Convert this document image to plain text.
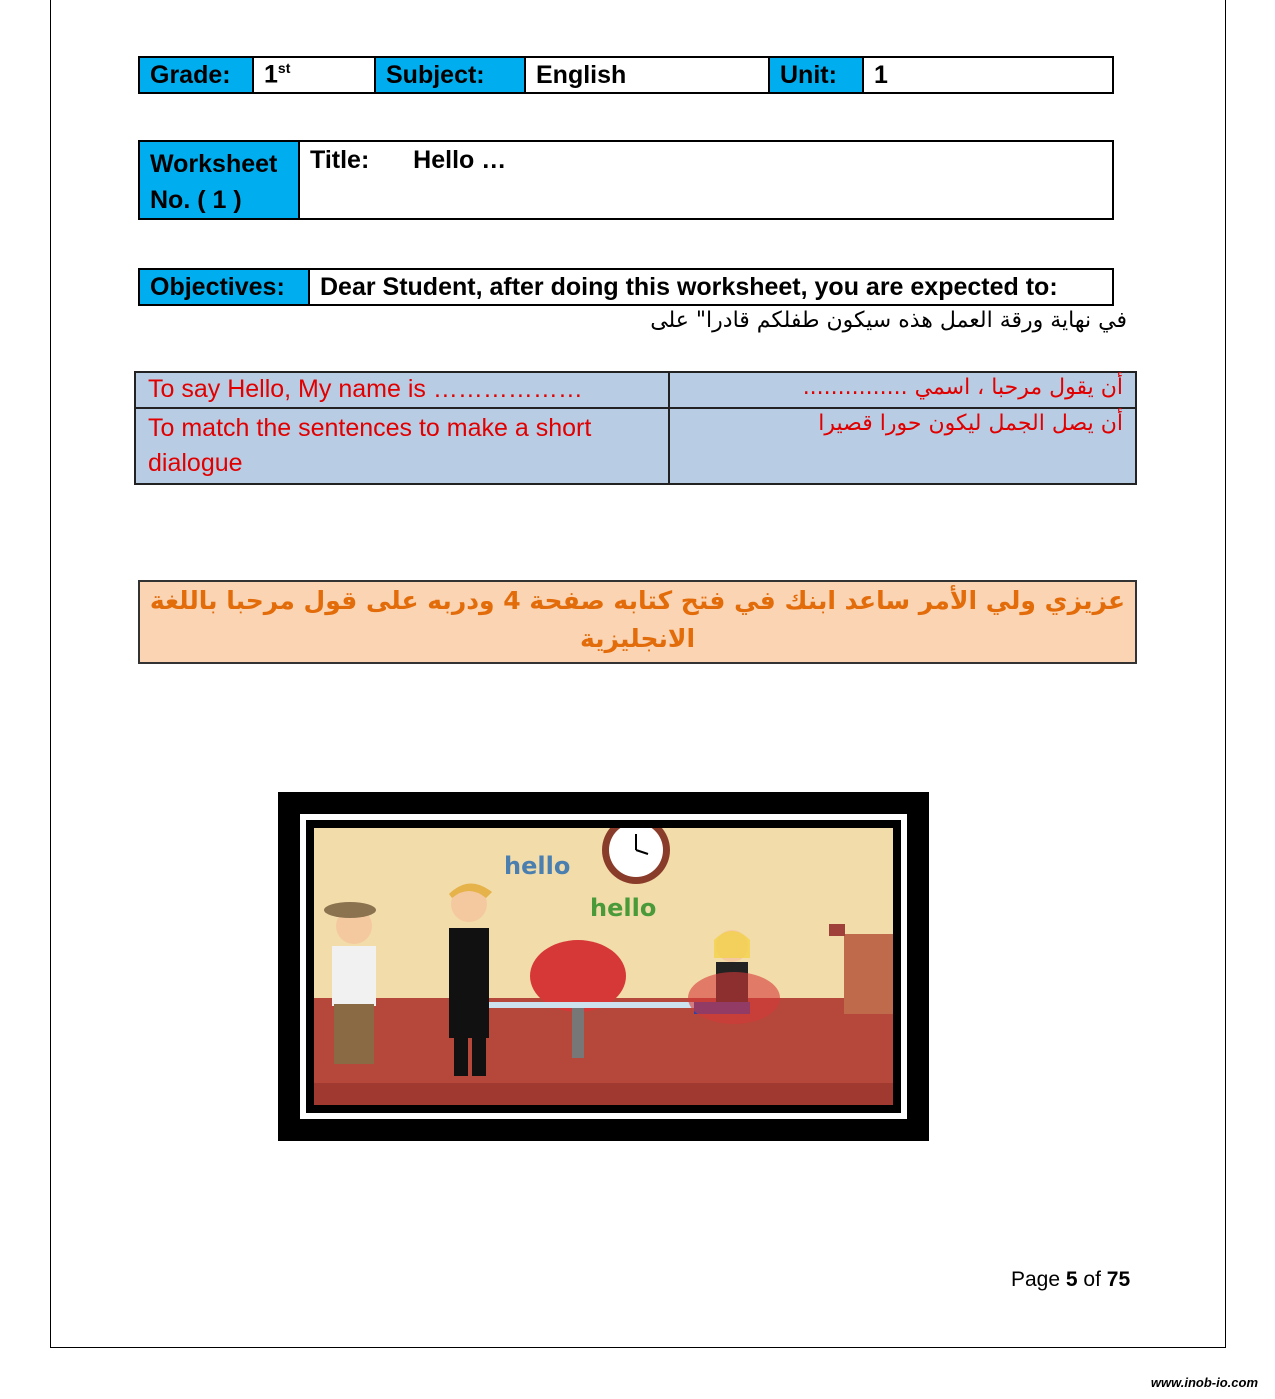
Grade:	1st	Subject:	English	Unit:	1
Worksheet
No. ( 1 )
	Title: Hello …
Objectives:	Dear Student, after doing this worksheet, you are expected to:
في نهاية ورقة العمل هذه سيكون طفلكم قادرا" على
To say Hello, My name is ………………	أن يقول مرحبا ، اسمي ...............
To match the sentences to make a short dialogue	أن يصل الجمل ليكون حورا قصيرا
عزيزي ولي الأمر ساعد ابنك في فتح كتابه صفحة 4 ودربه على قول مرحبا باللغة
الانجليزية
hello
hello
Page 5 of 75
www.inob-io.com
